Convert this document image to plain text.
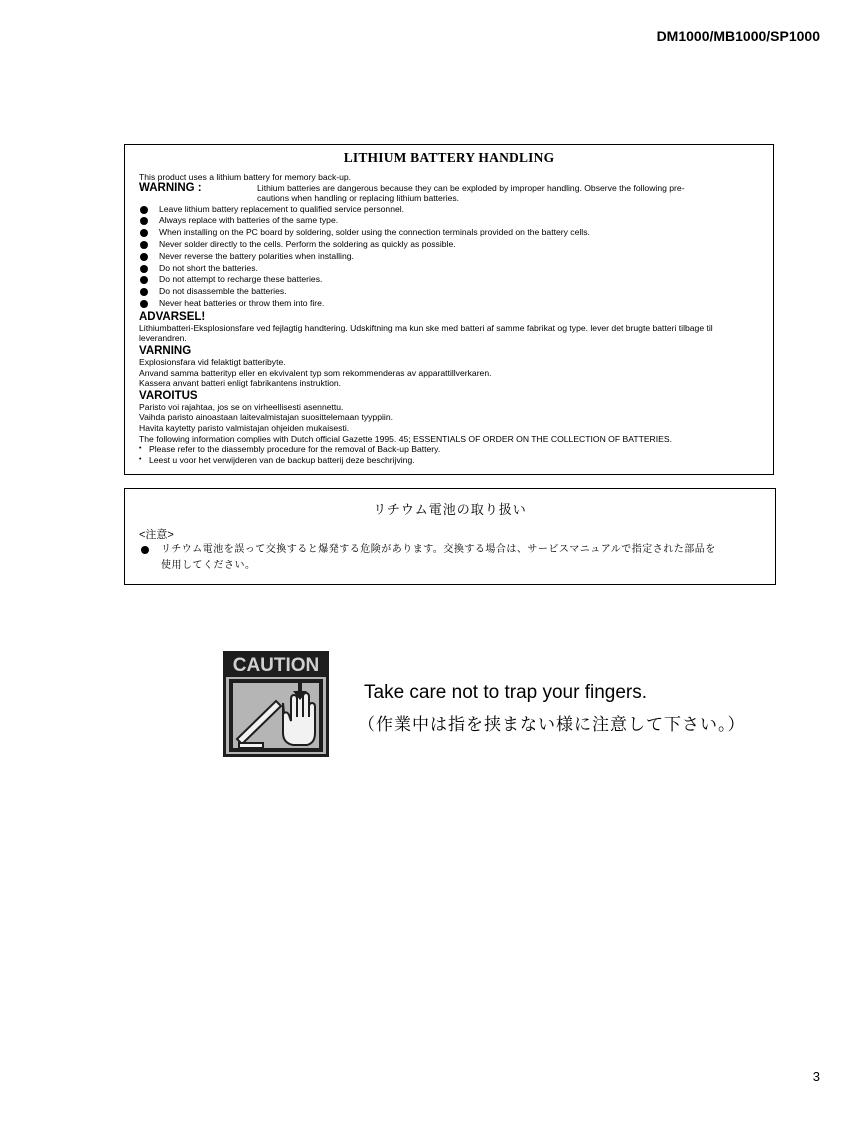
DM1000/MB1000/SP1000
LITHIUM BATTERY HANDLING
This product uses a lithium battery for memory back-up.
WARNING :	Lithium batteries are dangerous because they can be exploded by improper handling. Observe the following pre-
cautions when handling or replacing lithium batteries.
Leave lithium battery replacement to qualified service personnel.
Always replace with batteries of the same type.
When installing on the PC board by soldering, solder using the connection terminals provided on the battery cells.
Never solder directly to the cells. Perform the soldering as quickly as possible.
Never reverse the battery polarities when installing.
Do not short the batteries.
Do not attempt to recharge these batteries.
Do not disassemble the batteries.
Never heat batteries or throw them into fire.
ADVARSEL!
Lithiumbatteri-Eksplosionsfare ved fejlagtig handtering. Udskiftning ma kun ske med batteri af samme fabrikat og type. lever det brugte batteri tilbage til leverandren.
VARNING
Explosionsfara vid felaktigt batteribyte.
Anvand samma batterityp eller en ekvivalent typ som rekommenderas av apparattillverkaren.
Kassera anvant batteri enligt fabrikantens instruktion.
VAROITUS
Paristo voi rajahtaa, jos se on virheellisesti asennettu.
Vaihda paristo ainoastaan laitevalmistajan suosittelemaan tyyppiin.
Havita kaytetty paristo valmistajan ohjeiden mukaisesti.
The following information complies with Dutch official Gazette 1995. 45; ESSENTIALS OF ORDER ON THE COLLECTION OF BATTERIES.
• Please refer to the diassembly procedure for the removal of Back-up Battery.
• Leest u voor het verwijderen van de backup batterij deze beschrijving.
リチウム電池の取り扱い
<注意>
リチウム電池を誤って交換すると爆発する危険があります。交換する場合は、サービスマニュアルで指定された部品を
使用してください。
CAUTION
Take care not to trap your fingers.
（作業中は指を挟まない様に注意して下さい。）
3
